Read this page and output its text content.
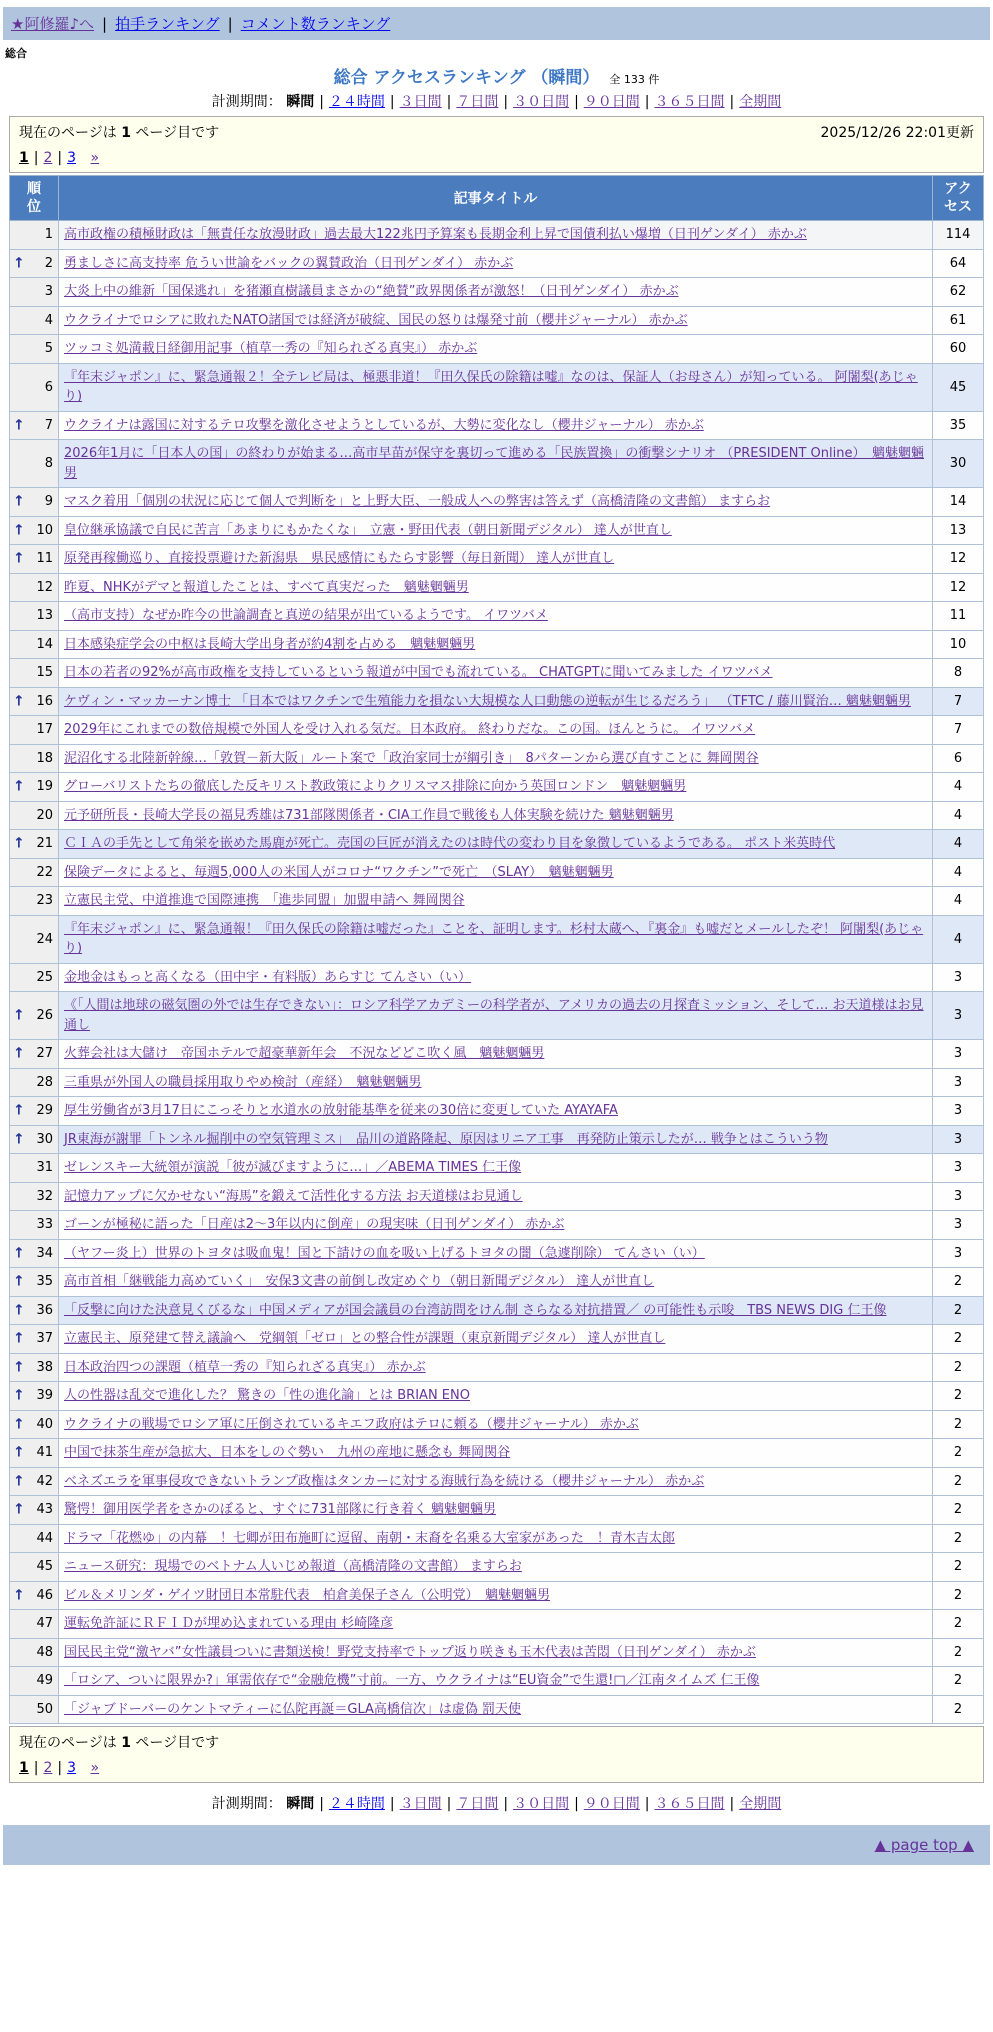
★阿修羅♪へ | 拍手ランキング | コメント数ランキング
総合
総合 アクセスランキング （瞬間） 全 133 件
計測期間： 瞬間 | ２４時間 | ３日間 | ７日間 | ３０日間 | ９０日間 | ３６５日間 | 全期間
現在のページは 1 ページ目です	2025/12/26 22:01更新
1 | 2 | 3 »
順位	記事タイトル	アクセス
1	高市政権の積極財政は「無責任な放漫財政」過去最大122兆円予算案も長期金利上昇で国債利払い爆増（日刊ゲンダイ） 赤かぶ	114

↑ 2	勇ましさに高支持率 危うい世論をバックの翼賛政治（日刊ゲンダイ） 赤かぶ	64
3	大炎上中の維新「国保逃れ」を猪瀬直樹議員まさかの“絶賛”政界関係者が激怒！（日刊ゲンダイ） 赤かぶ	62
4	ウクライナでロシアに敗れたNATO諸国では経済が破綻、国民の怒りは爆発寸前（櫻井ジャーナル） 赤かぶ	61
5	ツッコミ処満載日経御用記事（植草一秀の『知られざる真実』） 赤かぶ	60
6	『年末ジャポン』に、緊急通報２！全テレビ局は、極悪非道！『田久保氏の除籍は嘘』なのは、保証人（お母さん）が知っている。 阿闍梨(あじゃり)	45

↑ 7	ウクライナは露国に対するテロ攻撃を激化させようとしているが、大勢に変化なし（櫻井ジャーナル） 赤かぶ	35
8	2026年1月に「日本人の国」の終わりが始まる…高市早苗が保守を裏切って進める「民族置換」の衝撃シナリオ （PRESIDENT Online）　魑魅魍魎男	30

↑ 9	マスク着用「個別の状況に応じて個人で判断を」と上野大臣、一般成人への弊害は答えず（高橋清隆の文書館） ますらお	14

↑ 10	皇位継承協議で自民に苦言「あまりにもかたくな」　立憲・野田代表（朝日新聞デジタル） 達人が世直し	13

↑ 11	原発再稼働巡り、直接投票避けた新潟県　県民感情にもたらす影響（毎日新聞） 達人が世直し	12
12	昨夏、NHKがデマと報道したことは、すべて真実だった　魑魅魍魎男	12
13	（高市支持）なぜか昨今の世論調査と真逆の結果が出ているようです。 イワツバメ	11
14	日本感染症学会の中枢は長崎大学出身者が約4割を占める　魑魅魍魎男	10
15	日本の若者の92%が高市政権を支持しているという報道が中国でも流れている。 CHATGPTに聞いてみました イワツバメ	8

↑ 16	ケヴィン・マッカーナン博士 「日本ではワクチンで生殖能力を損ない大規模な人口動態の逆転が生じるだろう」 （TFTC / 藤川賢治… 魑魅魍魎男	7
17	2029年にこれまでの数倍規模で外国人を受け入れる気だ。日本政府。 終わりだな。この国。ほんとうに。 イワツバメ	7
18	泥沼化する北陸新幹線…「敦賀－新大阪」ルート案で「政治家同士が綱引き」　8パターンから選び直すことに 舞岡関谷	6

↑ 19	グローバリストたちの徹底した反キリスト教政策によりクリスマス排除に向かう英国ロンドン　魑魅魍魎男	4
20	元予研所長・長崎大学長の福見秀雄は731部隊関係者・CIA工作員で戦後も人体実験を続けた 魑魅魍魎男	4

↑ 21	ＣＩＡの手先として角栄を嵌めた馬鹿が死亡。売国の巨匠が消えたのは時代の変わり目を象徴しているようである。 ポスト米英時代	4
22	保険データによると、毎週5,000人の米国人がコロナ“ワクチン”で死亡　（SLAY）　魑魅魍魎男	4
23	立憲民主党、中道推進で国際連携　「進歩同盟」加盟申請へ 舞岡関谷	4
24	『年末ジャポン』に、緊急通報！『田久保氏の除籍は嘘だった』ことを、証明します。杉村太蔵へ、『裏金』も嘘だとメールしたぞ！ 阿闍梨(あじゃり)	4
25	金地金はもっと高くなる（田中宇・有料版）あらすじ てんさい（い）	3

↑ 26	《「人間は地球の磁気圏の外では生存できない」：ロシア科学アカデミーの科学者が、アメリカの過去の月探査ミッション、そして… お天道様はお見通し	3

↑ 27	火葬会社は大儲け　帝国ホテルで超豪華新年会　不況などどこ吹く風　魑魅魍魎男	3
28	三重県が外国人の職員採用取りやめ検討（産経）　魑魅魍魎男	3

↑ 29	厚生労働省が3月17日にこっそりと水道水の放射能基準を従来の30倍に変更していた AYAYAFA	3

↑ 30	JR東海が謝罪「トンネル掘削中の空気管理ミス」　品川の道路隆起、原因はリニア工事　再発防止策示したが… 戦争とはこういう物	3
31	ゼレンスキー大統領が演説「彼が滅びますように…」／ABEMA TIMES 仁王像	3
32	記憶力アップに欠かせない“海馬”を鍛えて活性化する方法 お天道様はお見通し	3
33	ゴーンが極秘に語った「日産は2〜3年以内に倒産」の現実味（日刊ゲンダイ） 赤かぶ	3

↑ 34	（ヤフー炎上）世界のトヨタは吸血鬼！国と下請けの血を吸い上げるトヨタの闇（急遽削除） てんさい（い）	3

↑ 35	高市首相「継戦能力高めていく」　安保3文書の前倒し改定めぐり（朝日新聞デジタル） 達人が世直し	2

↑ 36	「反撃に向けた決意見くびるな」中国メディアが国会議員の台湾訪問をけん制 さらなる対抗措置／ の可能性も示唆　TBS NEWS DIG 仁王像	2

↑ 37	立憲民主、原発建て替え議論へ　党綱領「ゼロ」との整合性が課題（東京新聞デジタル） 達人が世直し	2

↑ 38	日本政治四つの課題（植草一秀の『知られざる真実』） 赤かぶ	2

↑ 39	人の性器は乱交で進化した？ 驚きの「性の進化論」とは BRIAN ENO	2

↑ 40	ウクライナの戦場でロシア軍に圧倒されているキエフ政府はテロに頼る（櫻井ジャーナル） 赤かぶ	2

↑ 41	中国で抹茶生産が急拡大、日本をしのぐ勢い　九州の産地に懸念も 舞岡関谷	2

↑ 42	ベネズエラを軍事侵攻できないトランプ政権はタンカーに対する海賊行為を続ける（櫻井ジャーナル） 赤かぶ	2

↑ 43	驚愕！御用医学者をさかのぼると、すぐに731部隊に行き着く 魑魅魍魎男	2
44	ドラマ「花燃ゆ」の内幕　！七卿が田布施町に逗留、南朝・末裔を名乗る大室家があった　！青木吉太郎	2
45	ニュース研究：現場でのベトナム人いじめ報道（高橋清隆の文書館） ますらお	2

↑ 46	ビル＆メリンダ・ゲイツ財団日本常駐代表　柏倉美保子さん（公明党）　魑魅魍魎男	2
47	運転免許証にＲＦＩＤが埋め込まれている理由 杉崎隆彦	2
48	国民民主党“激ヤバ”女性議員ついに書類送検！野党支持率でトップ返り咲きも玉木代表は苦悶（日刊ゲンダイ） 赤かぶ	2
49	「ロシア、ついに限界か?」軍需依存で“金融危機”寸前。一方、ウクライナは“EU資金”で生還!□／江南タイムズ 仁王像	2
50	「ジャブドーバーのケントマティーに仏陀再誕＝GLA高橋信次」は虚偽 罰天使	2
現在のページは 1 ページ目です
1 | 2 | 3 »
計測期間： 瞬間 | ２４時間 | ３日間 | ７日間 | ３０日間 | ９０日間 | ３６５日間 | 全期間
▲ page top ▲
